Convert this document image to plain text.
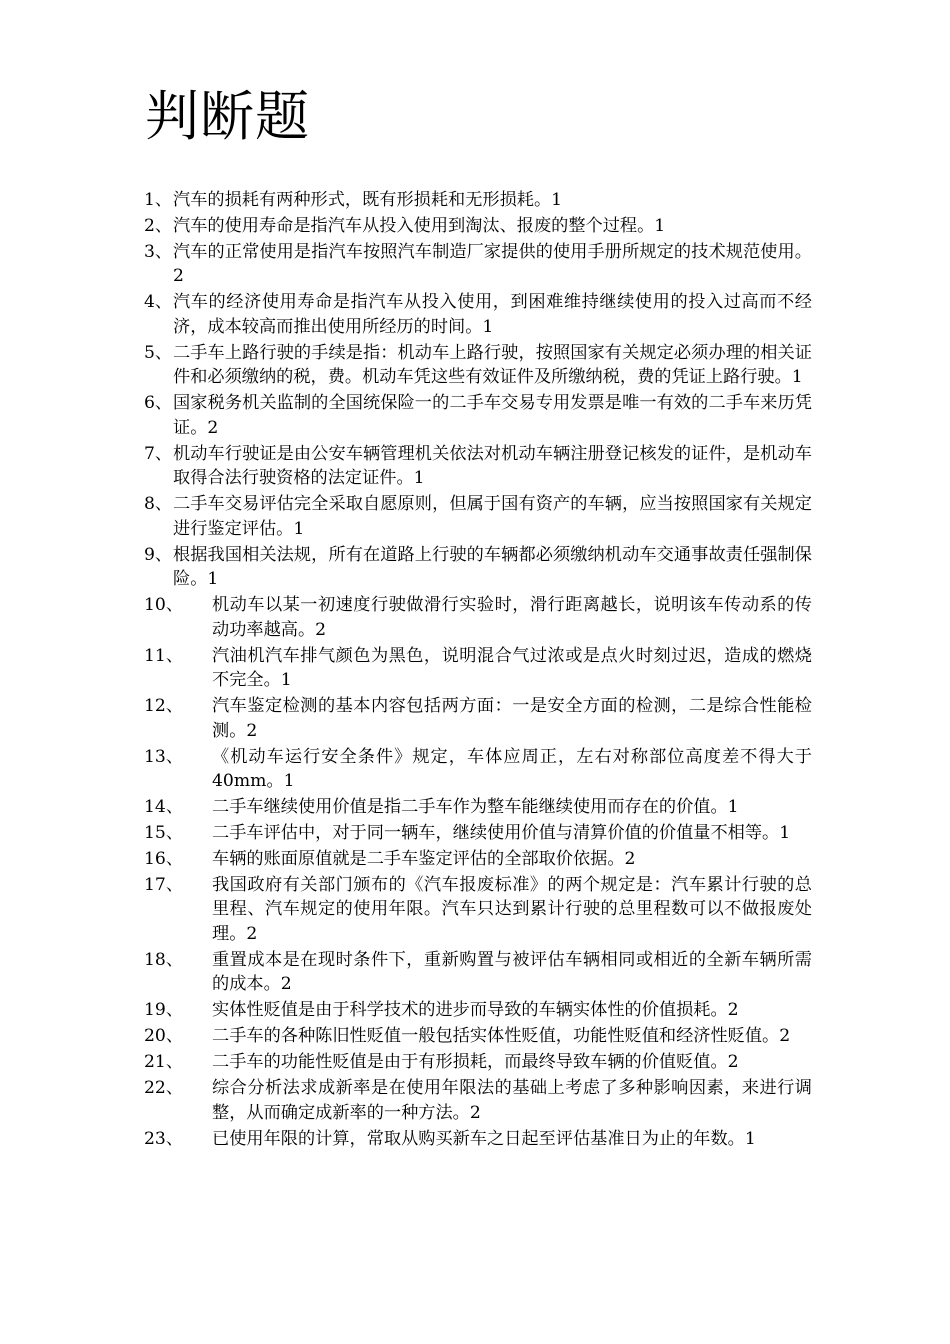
判断题
1、 汽车的损耗有两种形式，既有形损耗和无形损耗。1
2、 汽车的使用寿命是指汽车从投入使用到淘汰、报废的整个过程。1
3、 汽车的正常使用是指汽车按照汽车制造厂家提供的使用手册所规定的技术规范使用。2
4、 汽车的经济使用寿命是指汽车从投入使用，到困难维持继续使用的投入过高而不经济，成本较高而推出使用所经历的时间。1
5、 二手车上路行驶的手续是指：机动车上路行驶，按照国家有关规定必须办理的相关证件和必须缴纳的税，费。机动车凭这些有效证件及所缴纳税，费的凭证上路行驶。1
6、 国家税务机关监制的全国统保险一的二手车交易专用发票是唯一有效的二手车来历凭证。2
7、 机动车行驶证是由公安车辆管理机关依法对机动车辆注册登记核发的证件，是机动车取得合法行驶资格的法定证件。1
8、 二手车交易评估完全采取自愿原则，但属于国有资产的车辆，应当按照国家有关规定进行鉴定评估。1
9、 根据我国相关法规，所有在道路上行驶的车辆都必须缴纳机动车交通事故责任强制保险。1
10、 机动车以某一初速度行驶做滑行实验时，滑行距离越长，说明该车传动系的传动功率越高。2
11、 汽油机汽车排气颜色为黑色，说明混合气过浓或是点火时刻过迟，造成的燃烧不完全。1
12、 汽车鉴定检测的基本内容包括两方面：一是安全方面的检测，二是综合性能检测。2
13、 《机动车运行安全条件》规定，车体应周正，左右对称部位高度差不得大于 40mm。1
14、 二手车继续使用价值是指二手车作为整车能继续使用而存在的价值。1
15、 二手车评估中，对于同一辆车，继续使用价值与清算价值的价值量不相等。1
16、 车辆的账面原值就是二手车鉴定评估的全部取价依据。2
17、 我国政府有关部门颁布的《汽车报废标准》的两个规定是：汽车累计行驶的总里程、汽车规定的使用年限。汽车只达到累计行驶的总里程数可以不做报废处理。2
18、 重置成本是在现时条件下，重新购置与被评估车辆相同或相近的全新车辆所需的成本。2
19、 实体性贬值是由于科学技术的进步而导致的车辆实体性的价值损耗。2
20、 二手车的各种陈旧性贬值一般包括实体性贬值，功能性贬值和经济性贬值。2
21、 二手车的功能性贬值是由于有形损耗，而最终导致车辆的价值贬值。2
22、 综合分析法求成新率是在使用年限法的基础上考虑了多种影响因素，来进行调整，从而确定成新率的一种方法。2
23、 已使用年限的计算，常取从购买新车之日起至评估基准日为止的年数。1
